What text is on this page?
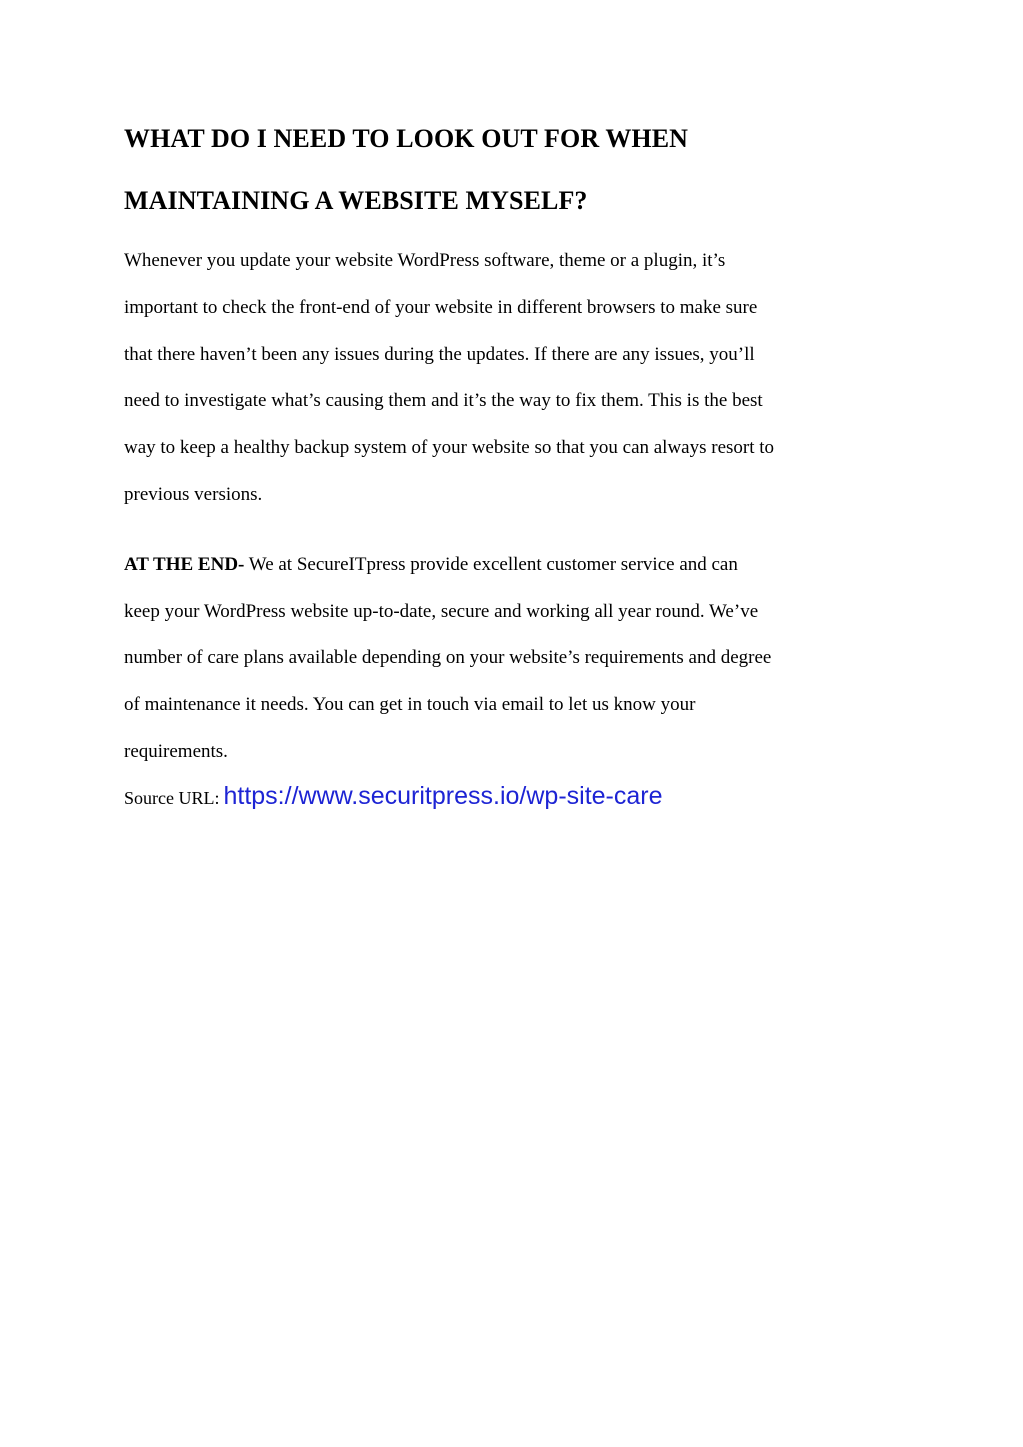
WHAT DO I NEED TO LOOK OUT FOR WHEN
MAINTAINING A WEBSITE MYSELF?

Whenever you update your website WordPress software, theme or a plugin, it’s
important to check the front-end of your website in different browsers to make sure
that there haven’t been any issues during the updates. If there are any issues, you’ll
need to investigate what’s causing them and it’s the way to fix them. This is the best
way to keep a healthy backup system of your website so that you can always resort to
previous versions.

AT THE END- We at SecureITpress provide excellent customer service and can
keep your WordPress website up-to-date, secure and working all year round. We’ve
number of care plans available depending on your website’s requirements and degree
of maintenance it needs. You can get in touch via email to let us know your
requirements.

Source URL: https://www.securitpress.io/wp-site-care
